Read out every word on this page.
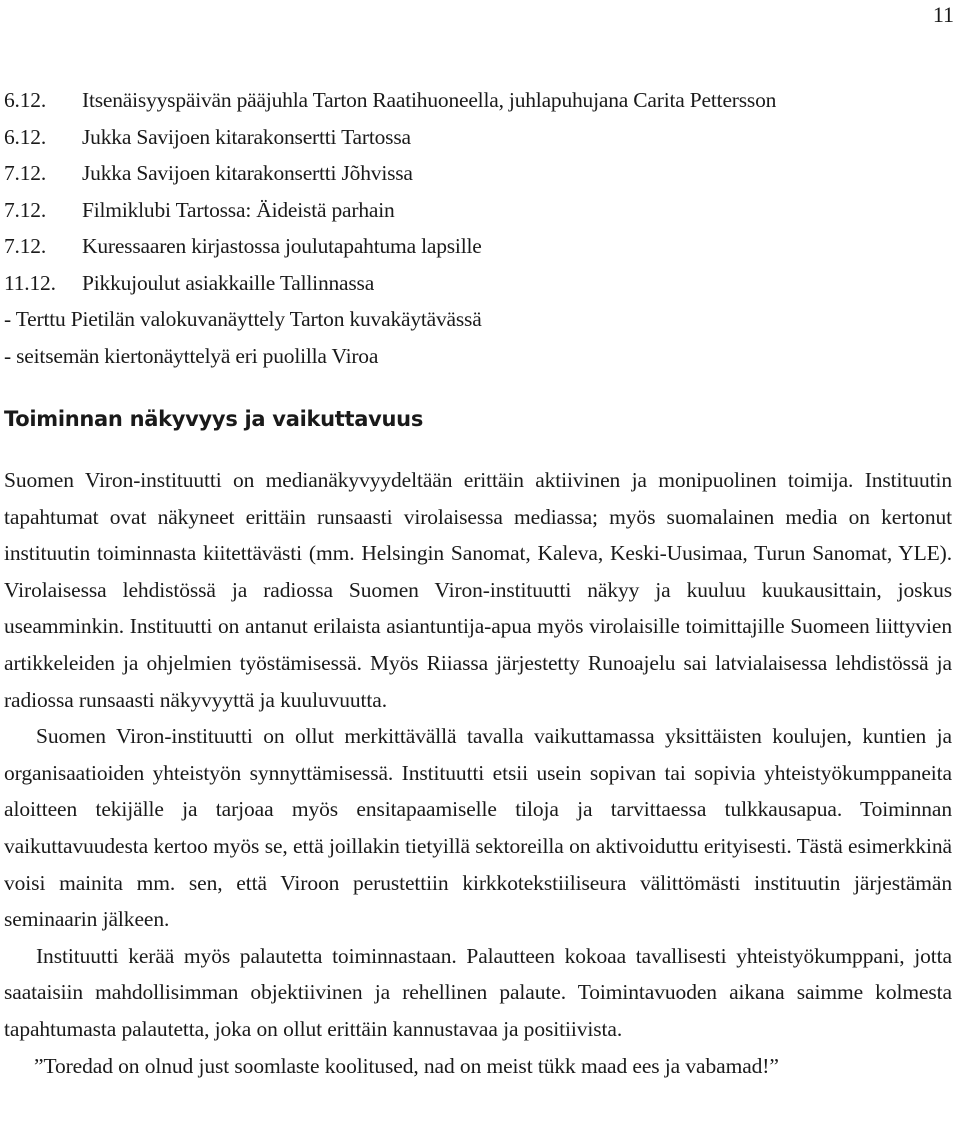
11
6.12.	Itsenäisyyspäivän pääjuhla Tarton Raatihuoneella, juhlapuhujana Carita Pettersson
6.12.	Jukka Savijoen kitarakonsertti Tartossa
7.12.	Jukka Savijoen kitarakonsertti Jõhvissa
7.12.	Filmiklubi Tartossa: Äideistä parhain
7.12.	Kuressaaren kirjastossa joulutapahtuma lapsille
11.12.	Pikkujoulut asiakkaille Tallinnassa
- Terttu Pietilän valokuvanäyttely Tarton kuvakäytävässä
- seitsemän kiertonäyttelyä eri puolilla Viroa
Toiminnan näkyvyys ja vaikuttavuus

Suomen Viron-instituutti on medianäkyvyydeltään erittäin aktiivinen ja monipuolinen toimija. Instituutin tapahtumat ovat näkyneet erittäin runsaasti virolaisessa mediassa; myös suomalainen media on kertonut instituutin toiminnasta kiitettävästi (mm. Helsingin Sanomat, Kaleva, Keski-Uusimaa, Turun Sanomat, YLE). Virolaisessa lehdistössä ja radiossa Suomen Viron-instituutti näkyy ja kuuluu kuukausittain, joskus useamminkin. Instituutti on antanut erilaista asiantuntija-apua myös virolaisille toimittajille Suomeen liittyvien artikkeleiden ja ohjelmien työstämisessä. Myös Riiassa järjestetty Runoajelu sai latvialaisessa lehdistössä ja radiossa runsaasti näkyvyyttä ja kuuluvuutta.

Suomen Viron-instituutti on ollut merkittävällä tavalla vaikuttamassa yksittäisten koulujen, kuntien ja organisaatioiden yhteistyön synnyttämisessä. Instituutti etsii usein sopivan tai sopivia yhteistyökumppaneita aloitteen tekijälle ja tarjoaa myös ensitapaamiselle tiloja ja tarvittaessa tulkkausapua. Toiminnan vaikuttavuudesta kertoo myös se, että joillakin tietyillä sektoreilla on aktivoiduttu erityisesti. Tästä esimerkkinä voisi mainita mm. sen, että Viroon perustettiin kirkkotekstiiliseura välittömästi instituutin järjestämän seminaarin jälkeen.

Instituutti kerää myös palautetta toiminnastaan. Palautteen kokoaa tavallisesti yhteistyökumppani, jotta saataisiin mahdollisimman objektiivinen ja rehellinen palaute. Toimintavuoden aikana saimme kolmesta tapahtumasta palautetta, joka on ollut erittäin kannustavaa ja positiivista.

”Toredad on olnud just soomlaste koolitused, nad on meist tükk maad ees ja vabamad!”
